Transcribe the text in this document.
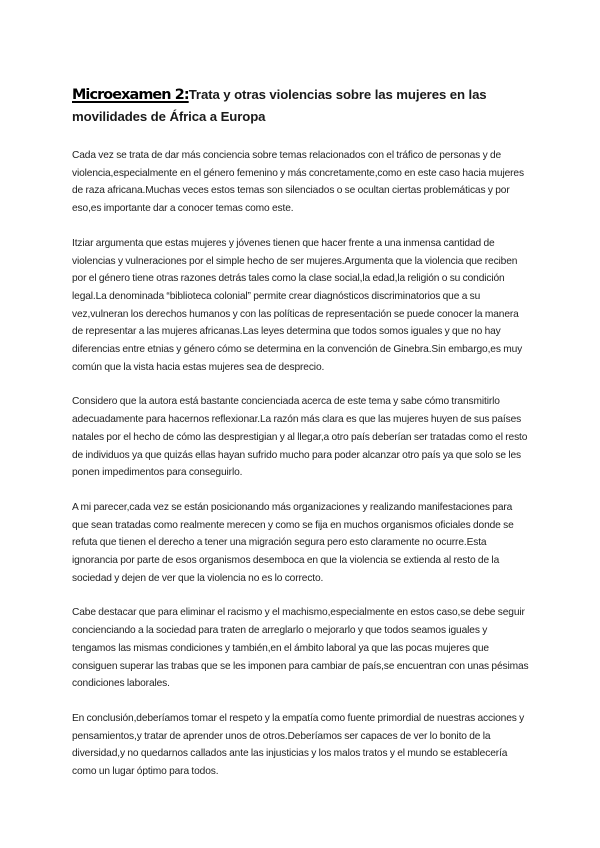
Microexamen 2:Trata y otras violencias sobre las mujeres en las movilidades de África a Europa

Cada vez se trata de dar más conciencia sobre temas relacionados con el tráfico de personas y de violencia,especialmente en el género femenino y más concretamente,como en este caso hacia mujeres de raza africana.Muchas veces estos temas son silenciados o se ocultan ciertas problemáticas y por eso,es importante dar a conocer temas como este.

Itziar argumenta que estas mujeres y jóvenes tienen que hacer frente a una inmensa cantidad de violencias y vulneraciones por el simple hecho de ser mujeres.Argumenta que la violencia que reciben por el género tiene otras razones detrás tales como la clase social,la edad,la religión o su condición legal.La denominada “biblioteca colonial” permite crear diagnósticos discriminatorios que a su vez,vulneran los derechos humanos y con las políticas de representación se puede conocer la manera de representar a las mujeres africanas.Las leyes determina que todos somos iguales y que no hay diferencias entre etnias y género cómo se determina en la convención de Ginebra.Sin embargo,es muy común que la vista hacia estas mujeres sea de desprecio.

Considero que la autora está bastante concienciada acerca de este tema y sabe cómo transmitirlo adecuadamente para hacernos reflexionar.La razón más clara es que las mujeres huyen de sus países natales por el hecho de cómo las desprestigian y al llegar,a otro país deberían ser tratadas como el resto de individuos ya que quizás ellas hayan sufrido mucho para poder alcanzar otro país ya que solo se les ponen impedimentos para conseguirlo.

A mi parecer,cada vez se están posicionando más organizaciones y realizando manifestaciones para que sean tratadas como realmente merecen y como se fija en muchos organismos oficiales donde se refuta que tienen el derecho a tener una migración segura pero esto claramente no ocurre.Esta ignorancia por parte de esos organismos desemboca en que la violencia se extienda al resto de la sociedad y dejen de ver que la violencia no es lo correcto.

Cabe destacar que para eliminar el racismo y el machismo,especialmente en estos caso,se debe seguir concienciando a la sociedad para traten de arreglarlo o mejorarlo y que todos seamos iguales y tengamos las mismas condiciones y también,en el ámbito laboral ya que las pocas mujeres que consiguen superar las trabas que se les imponen para cambiar de país,se encuentran con unas pésimas condiciones laborales.

En conclusión,deberíamos tomar el respeto y la empatía como fuente primordial de nuestras acciones y pensamientos,y tratar de aprender unos de otros.Deberíamos ser capaces de ver lo bonito de la diversidad,y no quedarnos callados ante las injusticias y los malos tratos y el mundo se establecería como un lugar óptimo para todos.
